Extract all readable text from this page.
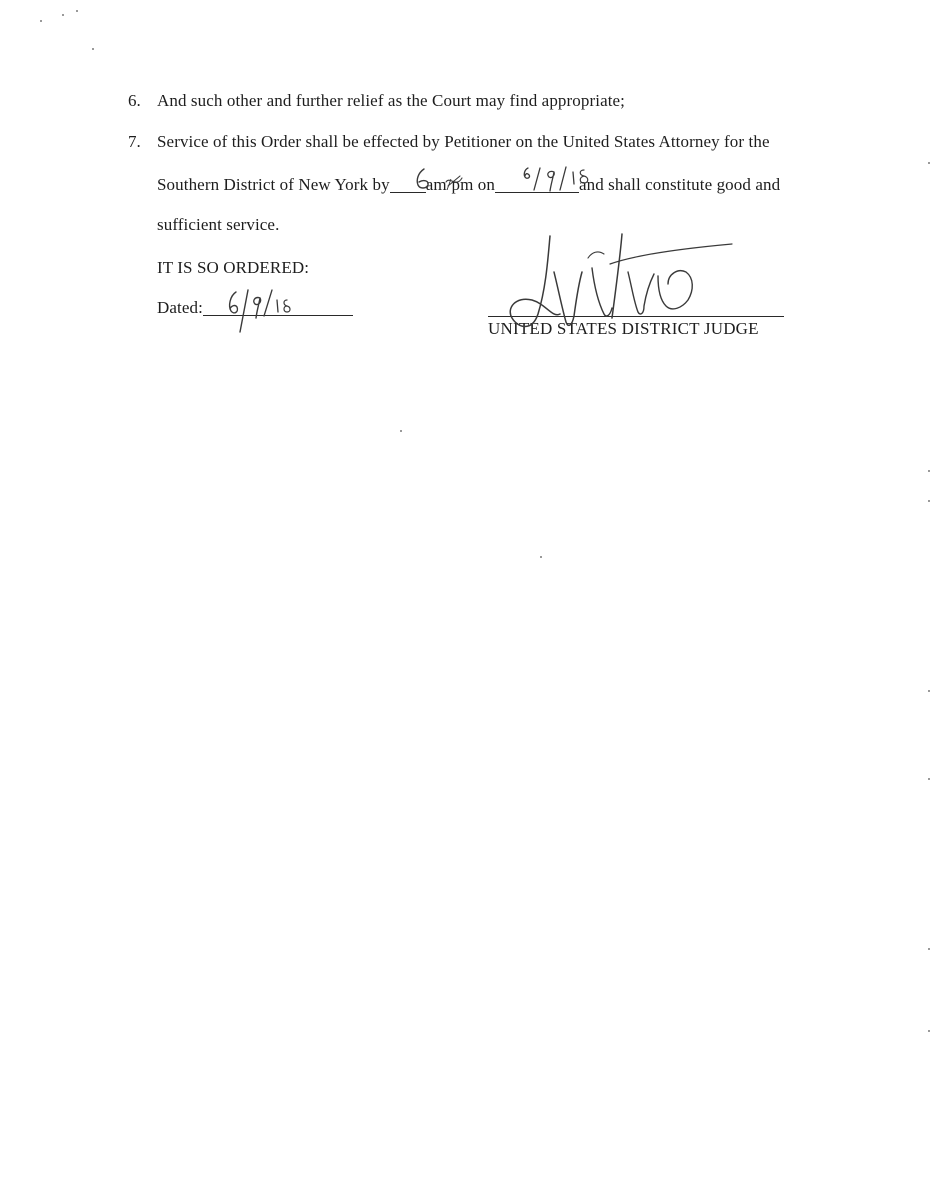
6. And such other and further relief as the Court may find appropriate;
7. Service of this Order shall be effected by Petitioner on the United States Attorney for the
Southern District of New York by am/pm on	and shall constitute good and
sufficient service.
IT IS SO ORDERED:
Dated:
UNITED STATES DISTRICT JUDGE
